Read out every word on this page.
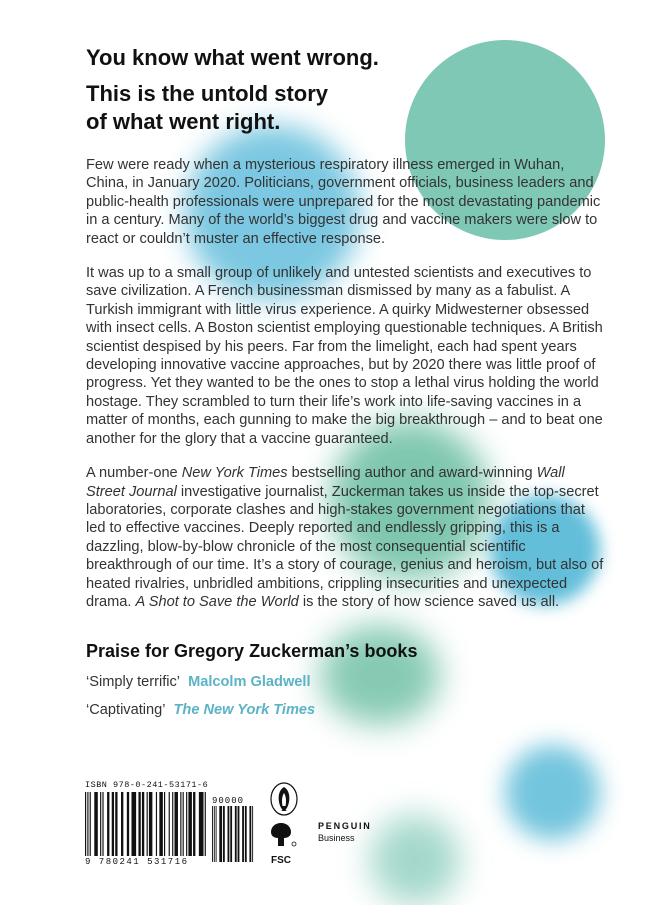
You know what went wrong.

This is the untold story
of what went right.

Few were ready when a mysterious respiratory illness emerged in Wuhan, China, in January 2020. Politicians, government officials, business leaders and public-health professionals were unprepared for the most devastating pandemic in a century. Many of the world’s biggest drug and vaccine makers were slow to react or couldn’t muster an effective response.

It was up to a small group of unlikely and untested scientists and executives to save civilization. A French businessman dismissed by many as a fabulist. A Turkish immigrant with little virus experience. A quirky Midwesterner obsessed with insect cells. A Boston scientist employing questionable techniques. A British scientist despised by his peers. Far from the limelight, each had spent years developing innovative vaccine approaches, but by 2020 there was little proof of progress. Yet they wanted to be the ones to stop a lethal virus holding the world hostage. They scrambled to turn their life’s work into life-saving vaccines in a matter of months, each gunning to make the big breakthrough – and to beat one another for the glory that a vaccine guaranteed.

A number-one New York Times bestselling author and award-winning Wall Street Journal investigative journalist, Zuckerman takes us inside the top-secret laboratories, corporate clashes and high-stakes government negotiations that led to effective vaccines. Deeply reported and endlessly gripping, this is a dazzling, blow-by-blow chronicle of the most consequential scientific breakthrough of our time. It’s a story of courage, genius and heroism, but also of heated rivalries, unbridled ambitions, crippling insecurities and unexpected drama. A Shot to Save the World is the story of how science saved us all.

Praise for Gregory Zuckerman’s books

‘Simply terrific’ Malcolm Gladwell

‘Captivating’ The New York Times

ISBN 978-0-241-53171-6
9 780241 531716
90000
FSC
PENGUIN
Business
